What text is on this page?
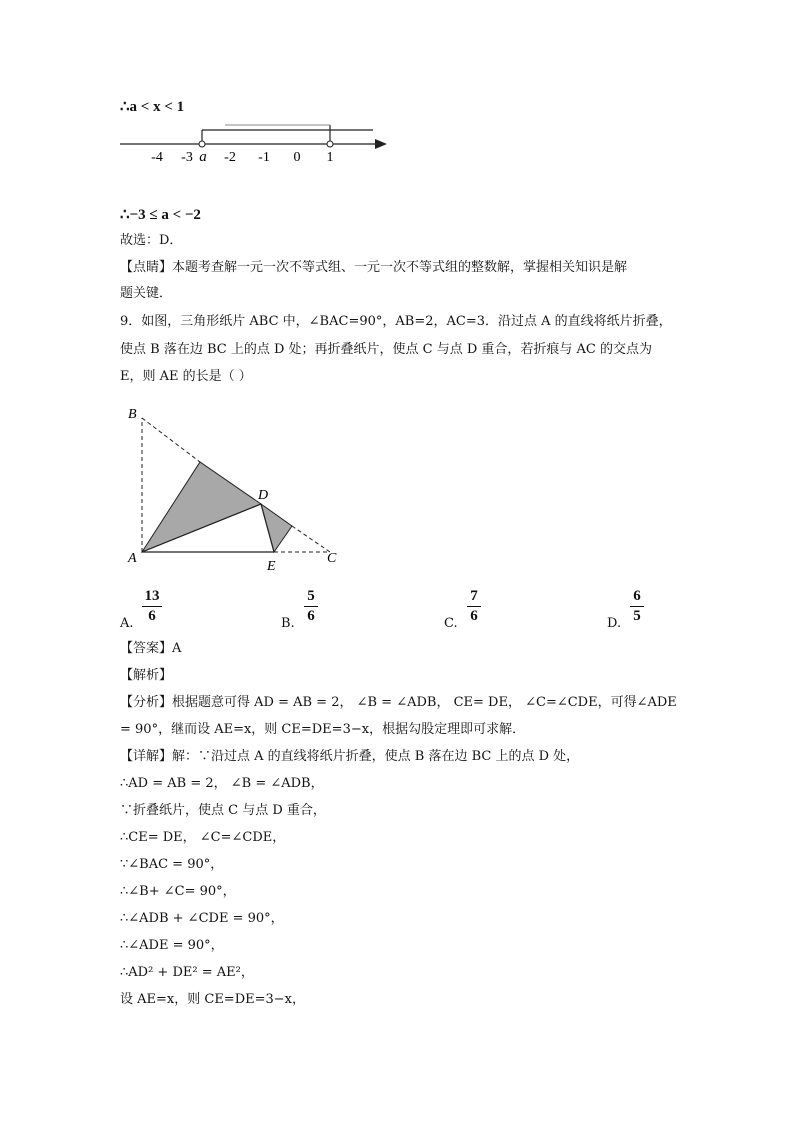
∴a < x < 1
-4 -3 a -2 -1 0 1
∴−3 ≤ a < −2
故选：D．
【点睛】本题考查解一元一次不等式组、一元一次不等式组的整数解，掌握相关知识是解
题关键．
9．如图，三角形纸片 ABC 中，∠BAC=90°，AB=2，AC=3．沿过点 A 的直线将纸片折叠，
使点 B 落在边 BC 上的点 D 处；再折叠纸片，使点 C 与点 D 重合，若折痕与 AC 的交点为
E，则 AE 的长是（ ）
B
D
A
E
C
A.
13
6	B.
5
6	C.
7
6	D.
6
5
【答案】A
【解析】
【分析】根据题意可得 AD = AB = 2， ∠B = ∠ADB， CE= DE， ∠C=∠CDE，可得∠ADE
= 90°，继而设 AE=x，则 CE=DE=3−x，根据勾股定理即可求解．
【详解】解：∵沿过点 A 的直线将纸片折叠，使点 B 落在边 BC 上的点 D 处，
∴AD = AB = 2， ∠B = ∠ADB，
∵折叠纸片，使点 C 与点 D 重合，
∴CE= DE， ∠C=∠CDE，
∵∠BAC = 90°，
∴∠B+ ∠C= 90°，
∴∠ADB + ∠CDE = 90°，
∴∠ADE = 90°，
∴AD² + DE² = AE²，
设 AE=x，则 CE=DE=3−x，
